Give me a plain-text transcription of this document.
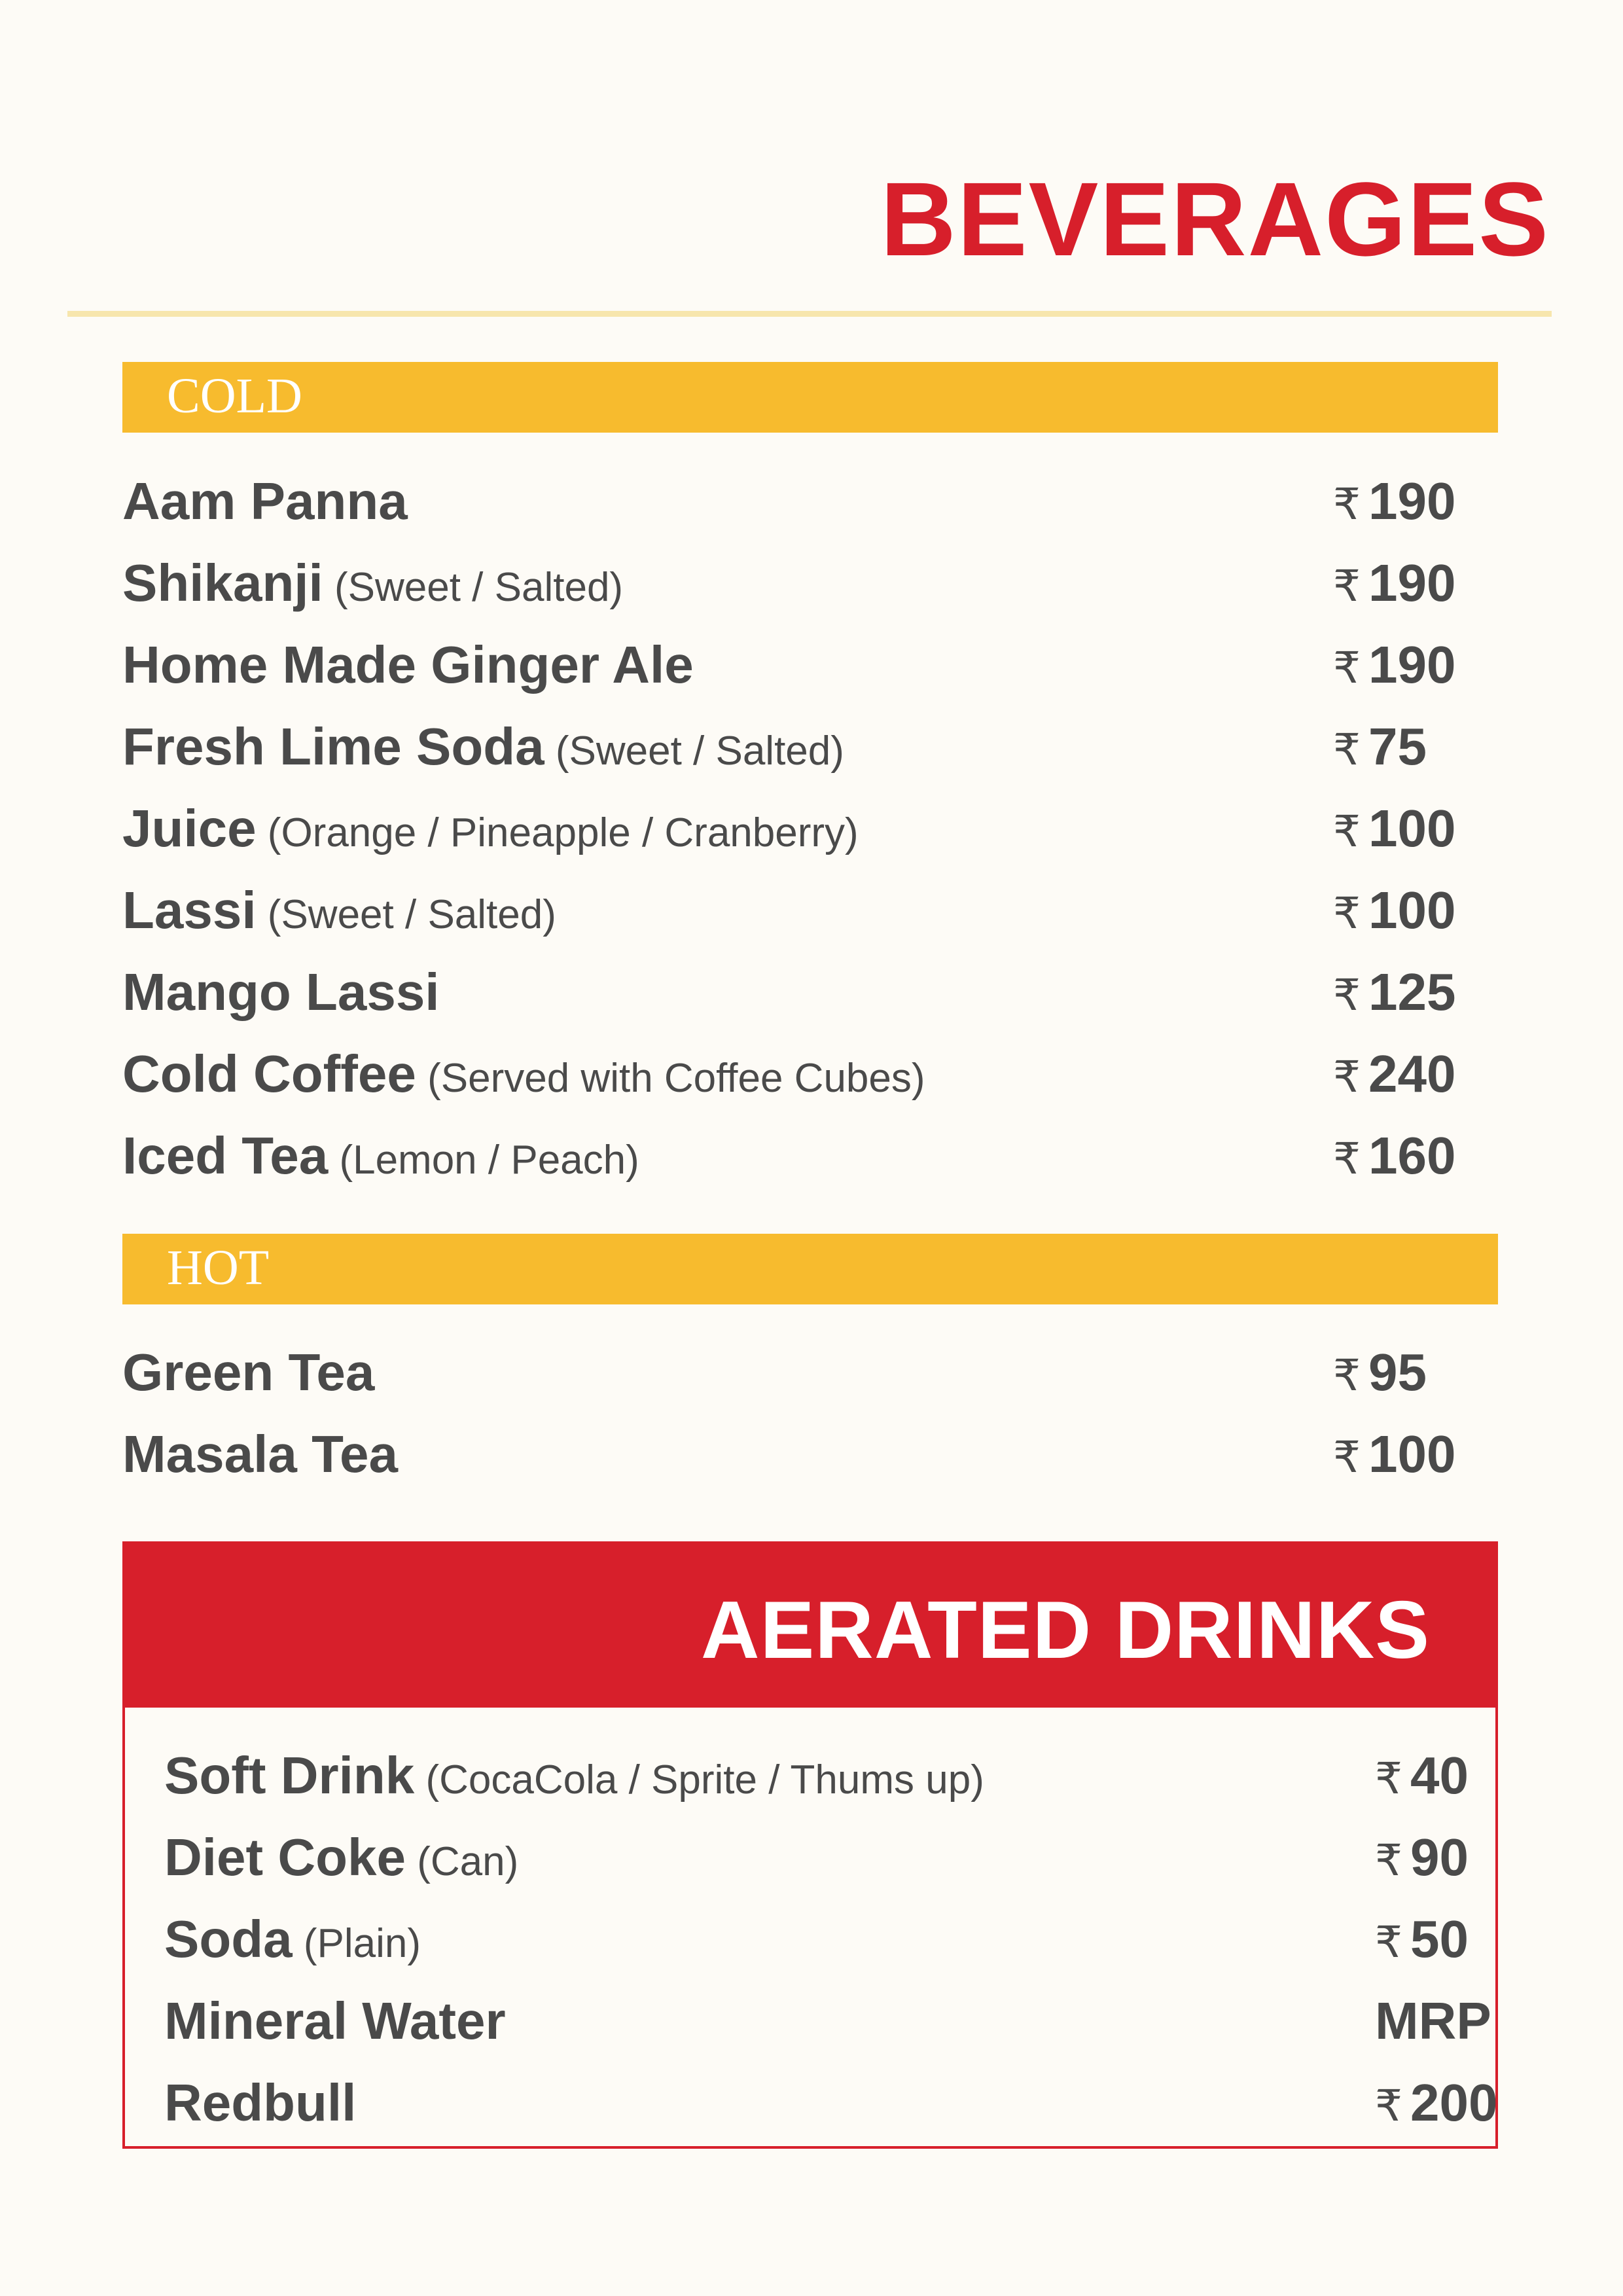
BEVERAGES
COLD
Aam Panna	₹ 190
Shikanji (Sweet / Salted)	₹ 190
Home Made Ginger Ale	₹ 190
Fresh Lime Soda (Sweet / Salted)	₹ 75
Juice (Orange / Pineapple / Cranberry)	₹ 100
Lassi (Sweet / Salted)	₹ 100
Mango Lassi	₹ 125
Cold Coffee (Served with Coffee Cubes)	₹ 240
Iced Tea (Lemon / Peach)	₹ 160
HOT
Green Tea	₹ 95
Masala Tea	₹ 100
AERATED DRINKS
Soft Drink (CocaCola / Sprite / Thums up)	₹ 40
Diet Coke (Can)	₹ 90
Soda (Plain)	₹ 50
Mineral Water	MRP
Redbull	₹ 200
